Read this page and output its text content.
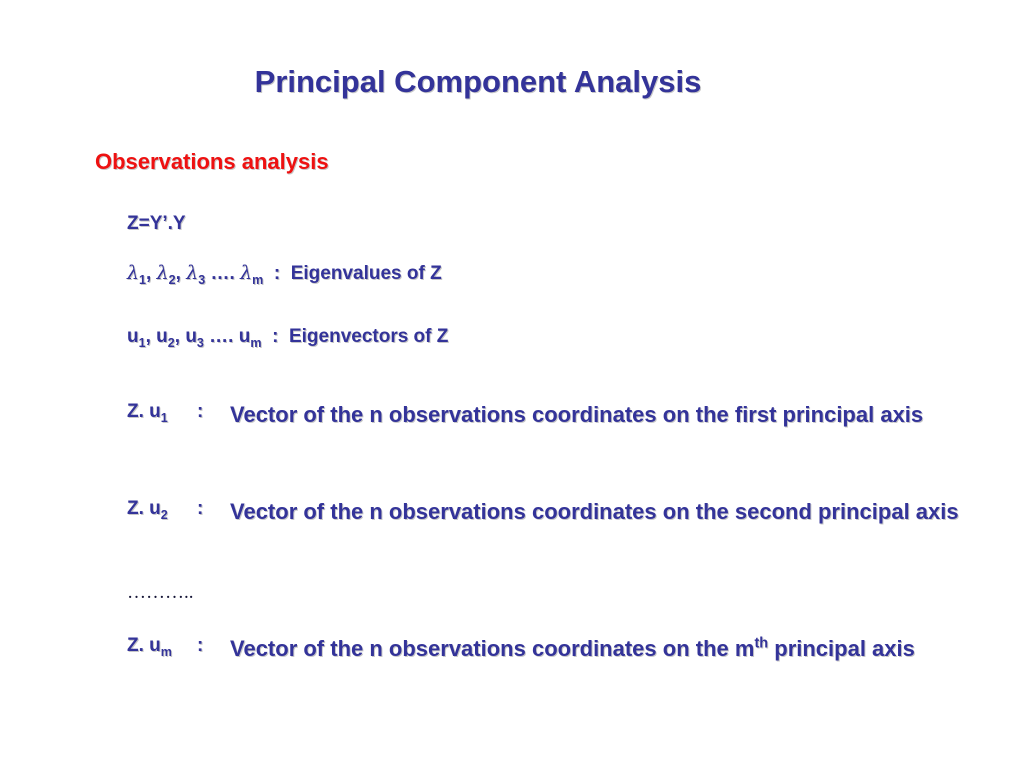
Principal Component Analysis
Observations analysis
Z=Y’.Y
$\lambda_1$, $\lambda_2$, $\lambda_3$ …. $\lambda_m$  :  Eigenvalues of Z
$u_1$, $u_2$, $u_3$ …. $u_m$  :  Eigenvectors of Z
Z. $u_1$ : Vector of the n observations coordinates on the first principal axis
Z. $u_2$ : Vector of the n observations coordinates on the second principal axis
………..
Z. $u_m$ : Vector of the n observations coordinates on the $m^{th}$ principal axis
